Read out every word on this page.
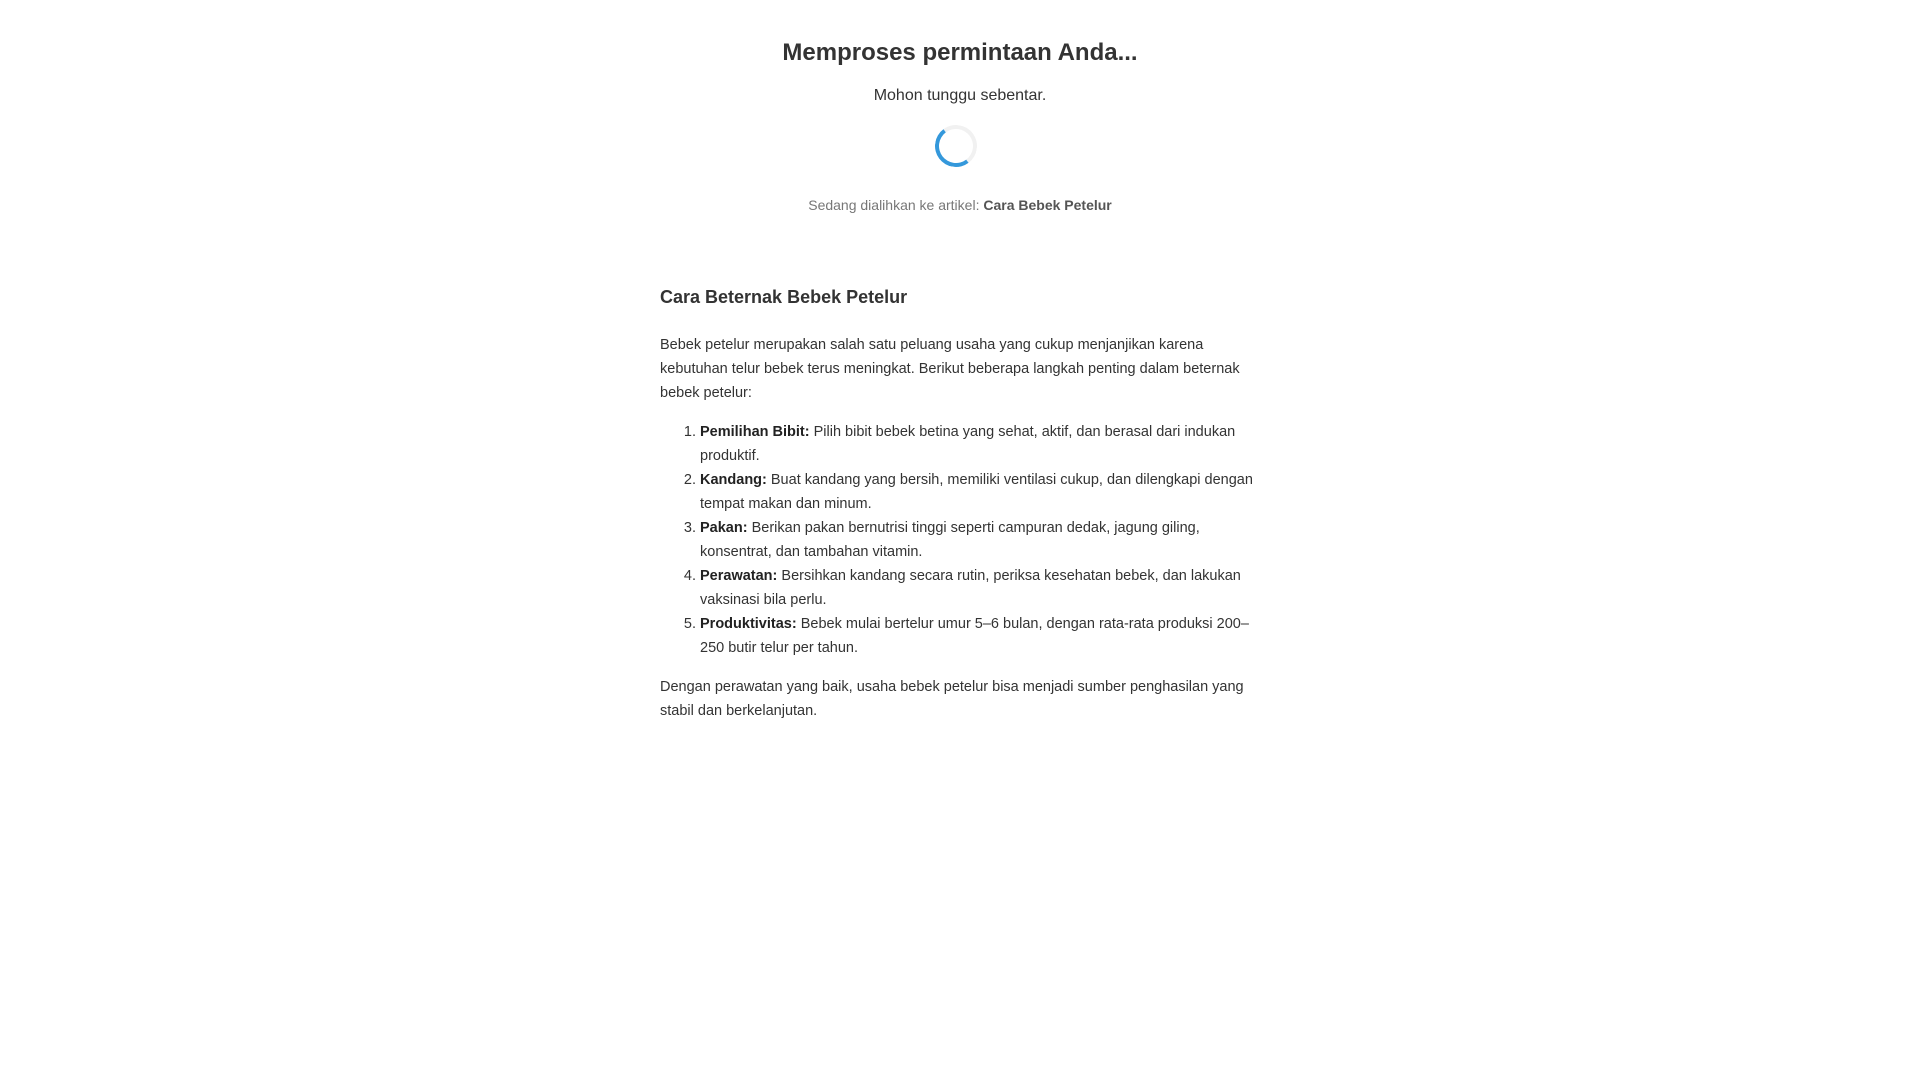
Memproses permintaan Anda...

Mohon tunggu sebentar.

Sedang dialihkan ke artikel: Cara Bebek Petelur
Cara Beternak Bebek Petelur

Bebek petelur merupakan salah satu peluang usaha yang cukup menjanjikan karena kebutuhan telur bebek terus meningkat. Berikut beberapa langkah penting dalam beternak bebek petelur:

1. Pemilihan Bibit: Pilih bibit bebek betina yang sehat, aktif, dan berasal dari indukan produktif.
2. Kandang: Buat kandang yang bersih, memiliki ventilasi cukup, dan dilengkapi dengan tempat makan dan minum.
3. Pakan: Berikan pakan bernutrisi tinggi seperti campuran dedak, jagung giling, konsentrat, dan tambahan vitamin.
4. Perawatan: Bersihkan kandang secara rutin, periksa kesehatan bebek, dan lakukan vaksinasi bila perlu.
5. Produktivitas: Bebek mulai bertelur umur 5–6 bulan, dengan rata-rata produksi 200–250 butir telur per tahun.

Dengan perawatan yang baik, usaha bebek petelur bisa menjadi sumber penghasilan yang stabil dan berkelanjutan.
